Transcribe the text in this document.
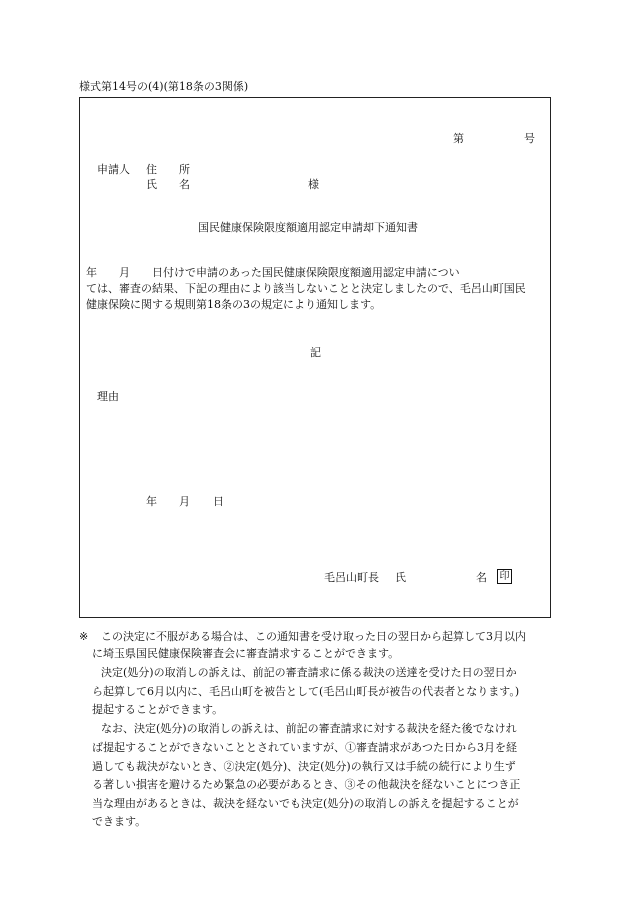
様式第14号の(4)(第18条の3関係)
第	号
申請人 住 所
氏 名	様
国民健康保険限度額適用認定申請却下通知書
年　　月　　日付けで申請のあった国民健康保険限度額適用認定申請につい
ては、審査の結果、下記の理由により該当しないことと決定しましたので、毛呂山町国民
健康保険に関する規則第18条の3の規定により通知します。
記
理由
年 月 日
毛呂山町長 氏	名 印
※ この決定に不服がある場合は、この通知書を受け取った日の翌日から起算して3月以内
に埼玉県国民健康保険審査会に審査請求することができます。
決定(処分)の取消しの訴えは、前記の審査請求に係る裁決の送達を受けた日の翌日か
ら起算して6月以内に、毛呂山町を被告として(毛呂山町長が被告の代表者となります。)
提起することができます。
なお、決定(処分)の取消しの訴えは、前記の審査請求に対する裁決を経た後でなけれ
ば提起することができないこととされていますが、①審査請求があつた日から3月を経
過しても裁決がないとき、②決定(処分)、決定(処分)の執行又は手続の続行により生ず
る著しい損害を避けるため緊急の必要があるとき、③その他裁決を経ないことにつき正
当な理由があるときは、裁決を経ないでも決定(処分)の取消しの訴えを提起することが
できます。
